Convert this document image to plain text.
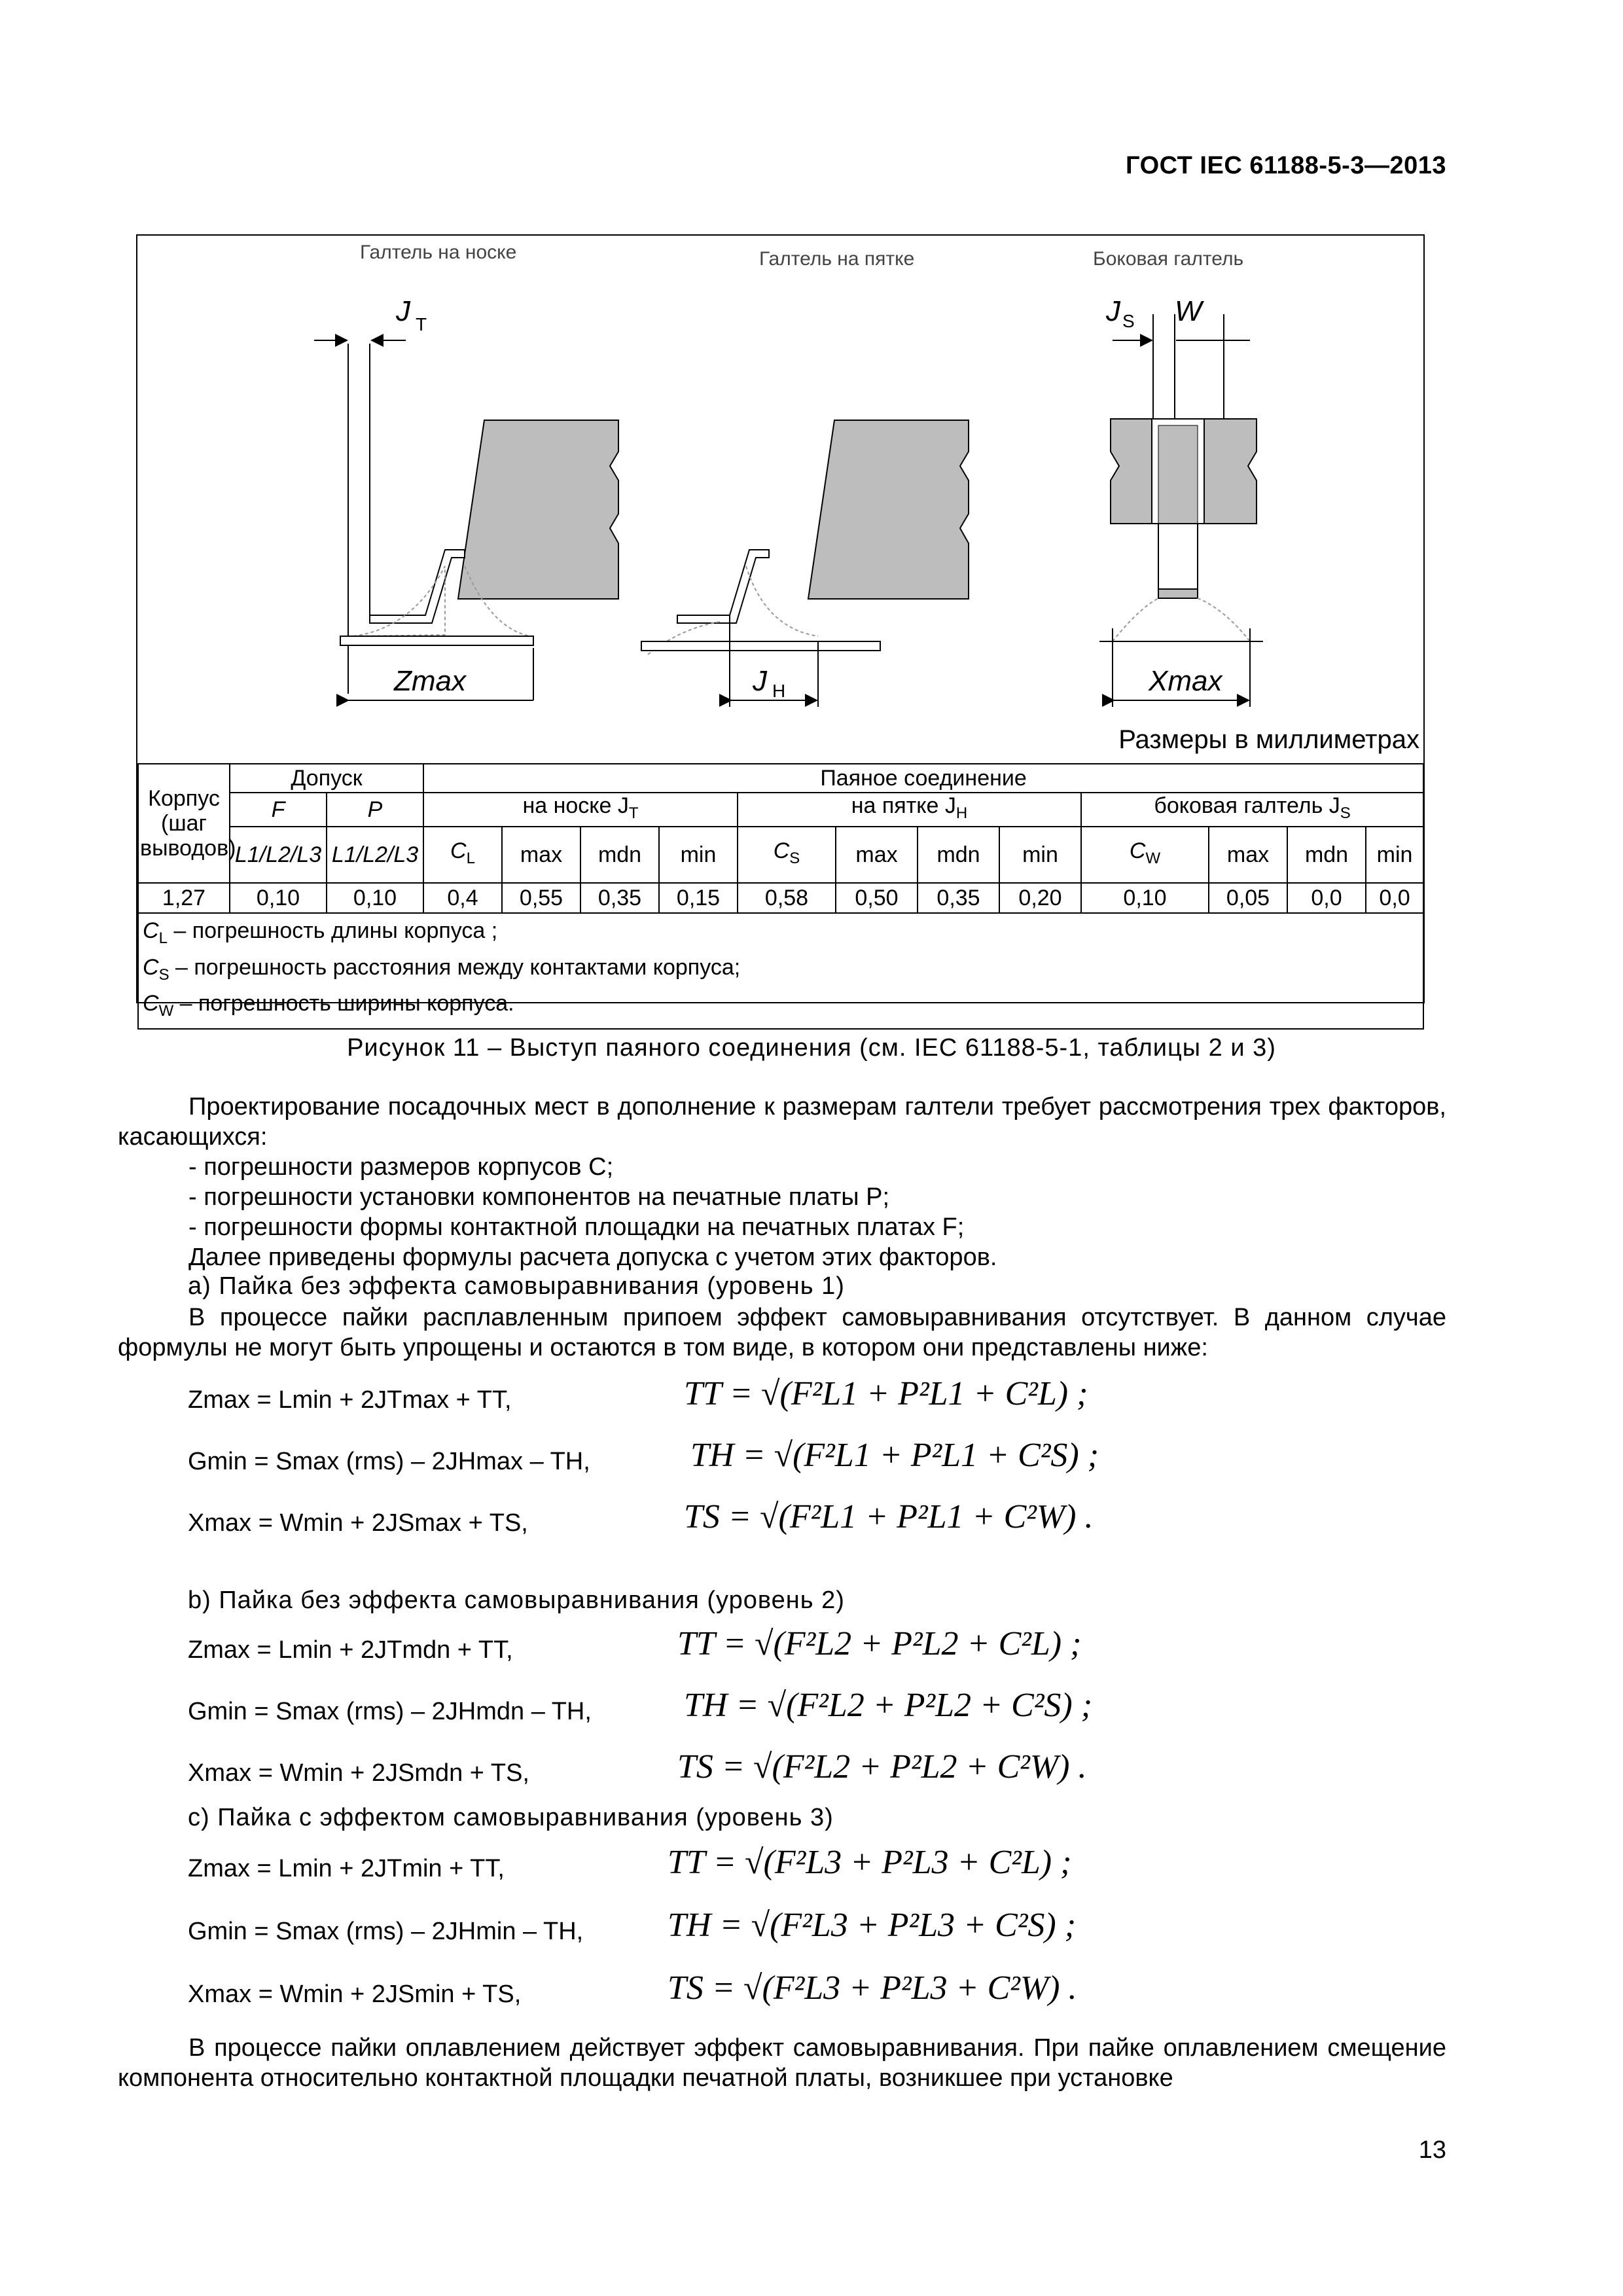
ГОСТ IEC 61188-5-3—2013
Галтель на носке	Галтель на пятке	Боковая галтель
J T
Zmax	J H
J S W
Xmax
Размеры в миллиметрах
Корпус (шаг выводов)	Допуск		Паяное соединение											
	F	P	на носке $J_T$				на пятке $J_H$				боковая галтель $J_S$
	L1/L2/L3	L1/L2/L3	$C_L$	max	mdn	min	$C_S$	max	mdn	min	$C_W$	max	mdn	min
1,27	0,10	0,10	0,4	0,55	0,35	0,15	0,58	0,50	0,35	0,20	0,10	0,05	0,0	0,0

$C_L$ – погрешность длины корпуса ;
$C_S$ – погрешность расстояния между контактами корпуса;
$C_W$ – погрешность ширины корпуса.														
Рисунок 11 – Выступ паяного соединения (см. IEC 61188-5-1, таблицы 2 и 3)
Проектирование посадочных мест в дополнение к размерам галтели требует рассмотрения трех факторов, касающихся:
- погрешности размеров корпусов C;
- погрешности установки компонентов на печатные платы P;
- погрешности формы контактной площадки на печатных платах F;
Далее приведены формулы расчета допуска с учетом этих факторов.
а) Пайка без эффекта самовыравнивания (уровень 1)
В процессе пайки расплавленным припоем эффект самовыравнивания отсутствует. В данном случае формулы не могут быть упрощены и остаются в том виде, в котором они представлены ниже:
Zmax = Lmin + 2JTmax + TT,	TT = √(F²L1 + P²L1 + C²L) ;
Gmin = Smax (rms) – 2JHmax – TH,	TH = √(F²L1 + P²L1 + C²S) ;
Xmax = Wmin + 2JSmax + TS,	TS = √(F²L1 + P²L1 + C²W) .
b) Пайка без эффекта самовыравнивания (уровень 2)
Zmax = Lmin + 2JTmdn + TT,	TT = √(F²L2 + P²L2 + C²L) ;
Gmin = Smax (rms) – 2JHmdn – TH,	TH = √(F²L2 + P²L2 + C²S) ;
Xmax = Wmin + 2JSmdn + TS,	TS = √(F²L2 + P²L2 + C²W) .
c) Пайка с эффектом самовыравнивания (уровень 3)
Zmax = Lmin + 2JTmin + TT,	TT = √(F²L3 + P²L3 + C²L) ;
Gmin = Smax (rms) – 2JHmin – TH, TH = √(F²L3 + P²L3 + C²S) ;
Xmax = Wmin + 2JSmin + TS,	TS = √(F²L3 + P²L3 + C²W) .
В процессе пайки оплавлением действует эффект самовыравнивания. При пайке оплавлением смещение компонента относительно контактной площадки печатной платы, возникшее при установке
13
